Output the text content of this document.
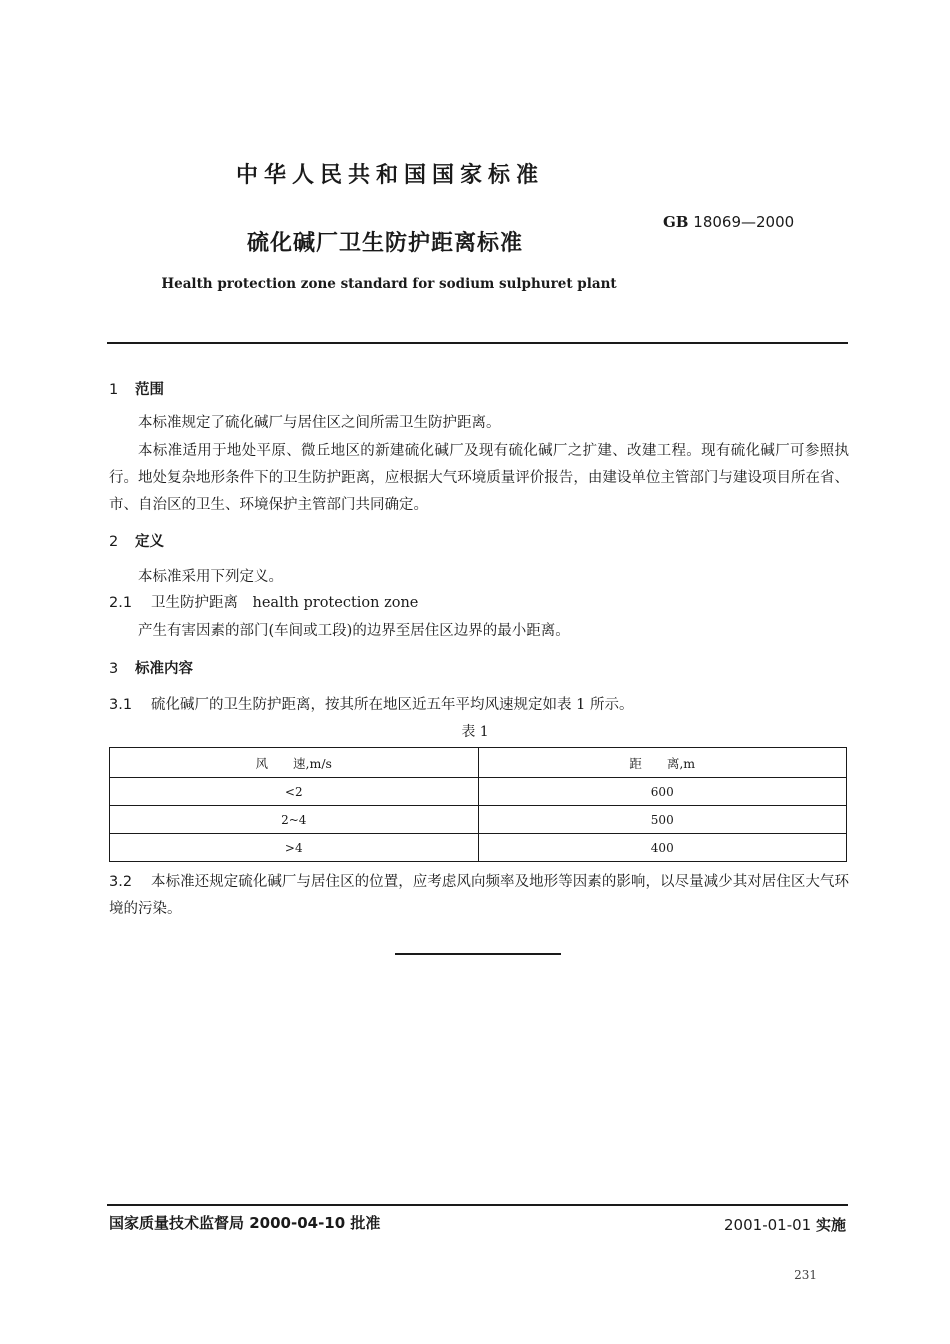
中华人民共和国国家标准
GB 18069—2000
硫化碱厂卫生防护距离标准
Health protection zone standard for sodium sulphuret plant
1 范围
本标准规定了硫化碱厂与居住区之间所需卫生防护距离。
本标准适用于地处平原、微丘地区的新建硫化碱厂及现有硫化碱厂之扩建、改建工程。现有硫化碱厂可参照执行。地处复杂地形条件下的卫生防护距离，应根据大气环境质量评价报告，由建设单位主管部门与建设项目所在省、市、自治区的卫生、环境保护主管部门共同确定。
2 定义
本标准采用下列定义。
2.1 卫生防护距离　health protection zone
产生有害因素的部门(车间或工段)的边界至居住区边界的最小距离。
3 标准内容
3.1 硫化碱厂的卫生防护距离，按其所在地区近五年平均风速规定如表 1 所示。
表 1
风　　速,m/s	距　　离,m
<2	600
2~4	500
>4	400
3.2 本标准还规定硫化碱厂与居住区的位置，应考虑风向频率及地形等因素的影响，以尽量减少其对居住区大气环境的污染。
国家质量技术监督局 2000-04-10 批准	2001-01-01 实施
231
